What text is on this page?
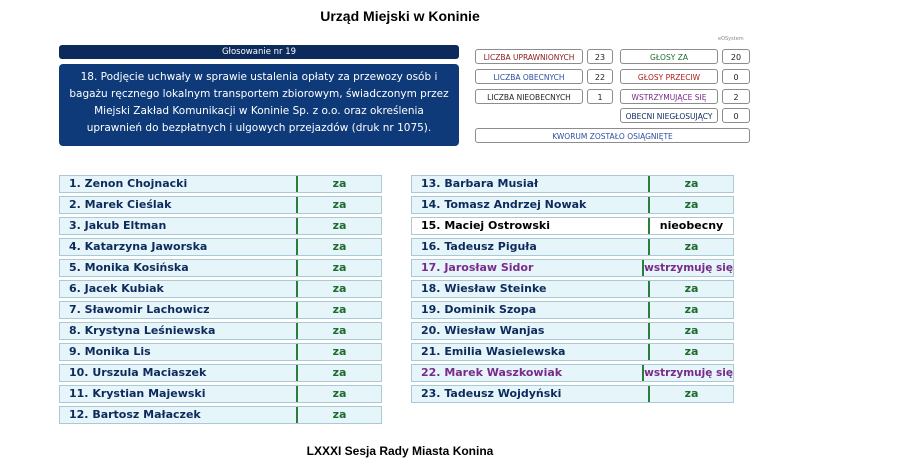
Urząd Miejski w Koninie
Głosowanie nr 19
18. Podjęcie uchwały w sprawie ustalenia opłaty za przewozy osób i bagażu ręcznego lokalnym transportem zbiorowym, świadczonym przez Miejski Zakład Komunikacji w Koninie Sp. z o.o. oraz określenia uprawnień do bezpłatnych i ulgowych przejazdów (druk nr 1075).
eOSystem
LICZBA UPRAWNIONYCH	23
LICZBA OBECNYCH	22
LICZBA NIEOBECNYCH	1
GŁOSY ZA	20
GŁOSY PRZECIW	0
WSTRZYMUJĄCE SIĘ	2
OBECNI NIEGŁOSUJĄCY	0
KWORUM ZOSTAŁO OSIĄGNIĘTE
1. Zenon Chojnacki	za
2. Marek Cieślak	za
3. Jakub Eltman	za
4. Katarzyna Jaworska	za
5. Monika Kosińska	za
6. Jacek Kubiak	za
7. Sławomir Lachowicz	za
8. Krystyna Leśniewska	za
9. Monika Lis	za
10. Urszula Maciaszek	za
11. Krystian Majewski	za
12. Bartosz Małaczek	za
13. Barbara Musiał	za
14. Tomasz Andrzej Nowak	za
15. Maciej Ostrowski	nieobecny
16. Tadeusz Piguła	za
17. Jarosław Sidor	wstrzymuję się
18. Wiesław Steinke	za
19. Dominik Szopa	za
20. Wiesław Wanjas	za
21. Emilia Wasielewska	za
22. Marek Waszkowiak	wstrzymuję się
23. Tadeusz Wojdyński	za
LXXXI Sesja Rady Miasta Konina
